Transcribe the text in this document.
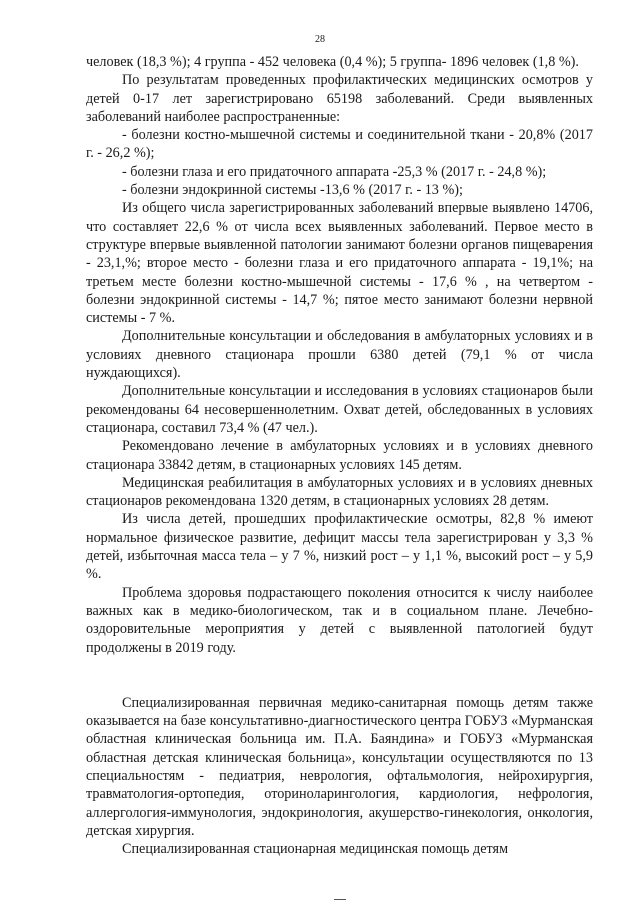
28

человек (18,3 %); 4 группа - 452 человека (0,4 %); 5 группа- 1896 человек (1,8 %).

По результатам проведенных профилактических медицинских осмотров у детей 0-17 лет зарегистрировано 65198 заболеваний. Среди выявленных заболеваний наиболее распространенные:

- болезни костно-мышечной системы и соединительной ткани - 20,8% (2017 г. - 26,2 %);

- болезни глаза и его придаточного аппарата -25,3 % (2017 г. - 24,8 %);

- болезни эндокринной системы -13,6 % (2017 г. - 13 %);

Из общего числа зарегистрированных заболеваний впервые выявлено 14706, что составляет 22,6 % от числа всех выявленных заболеваний. Первое место в структуре впервые выявленной патологии занимают болезни органов пищеварения - 23,1,%; второе место - болезни глаза и его придаточного аппарата - 19,1%; на третьем месте болезни костно-мышечной системы - 17,6 % , на четвертом - болезни эндокринной системы - 14,7 %; пятое место занимают болезни нервной системы - 7 %.

Дополнительные консультации и обследования в амбулаторных условиях и в условиях дневного стационара прошли 6380 детей (79,1 % от числа нуждающихся).

Дополнительные консультации и исследования в условиях стационаров были рекомендованы 64 несовершеннолетним. Охват детей, обследованных в условиях стационара, составил 73,4 % (47 чел.).

Рекомендовано лечение в амбулаторных условиях и в условиях дневного стационара 33842 детям, в стационарных условиях 145 детям.

Медицинская реабилитация в амбулаторных условиях и в условиях дневных стационаров рекомендована 1320 детям, в стационарных условиях 28 детям.

Из числа детей, прошедших профилактические осмотры, 82,8 % имеют нормальное физическое развитие, дефицит массы тела зарегистрирован у 3,3 % детей, избыточная масса тела – у 7 %, низкий рост – у 1,1 %, высокий рост – у 5,9 %.

Проблема здоровья подрастающего поколения относится к числу наиболее важных как в медико-биологическом, так и в социальном плане. Лечебно-оздоровительные мероприятия у детей с выявленной патологией будут продолжены в 2019 году.

Специализированная первичная медико-санитарная помощь детям также оказывается на базе консультативно-диагностического центра ГОБУЗ «Мурманская областная клиническая больница им. П.А. Баяндина» и ГОБУЗ «Мурманская областная детская клиническая больница», консультации осуществляются по 13 специальностям - педиатрия, неврология, офтальмология, нейрохирургия, травматология-ортопедия, оториноларингология, кардиология, нефрология, аллергология-иммунология, эндокринология, акушерство-гинекология, онкология, детская хирургия.

Специализированная стационарная медицинская помощь детям
